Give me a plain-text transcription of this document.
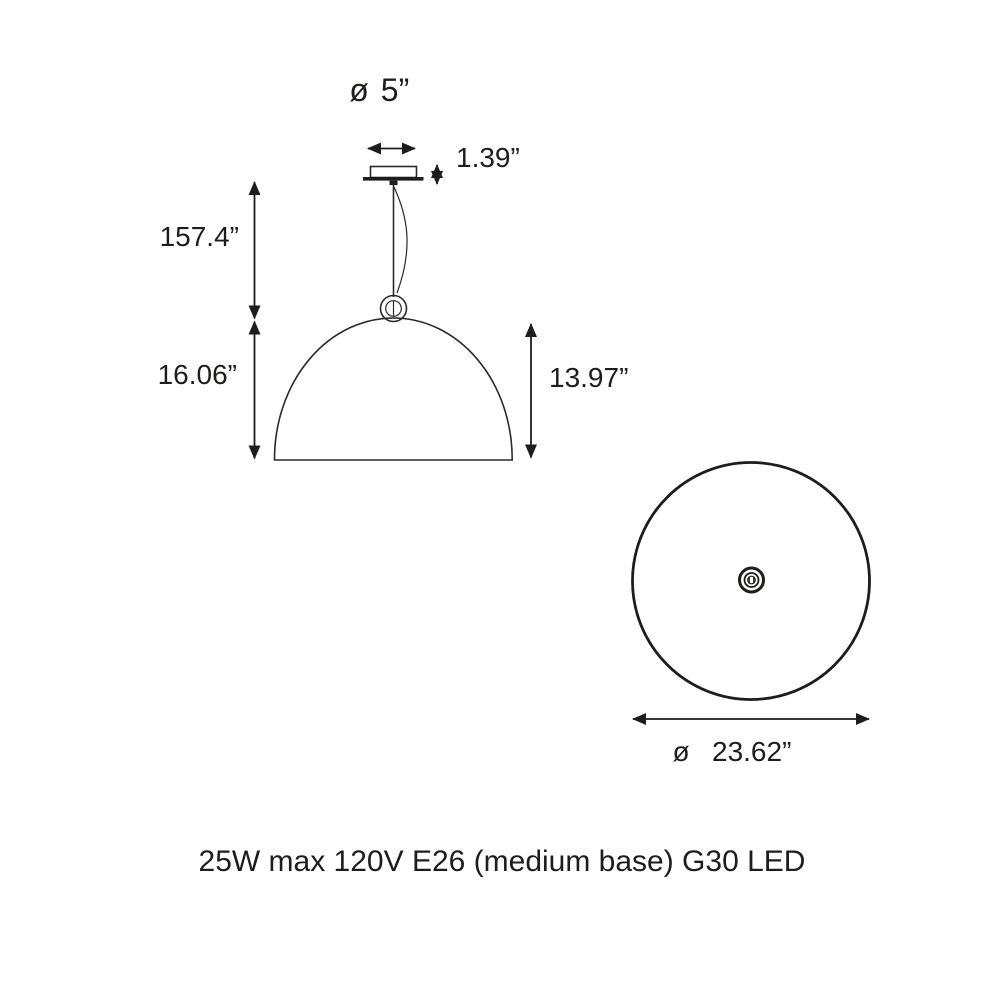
ø 5”
1.39”
157.4”
16.06”	13.97”
ø 23.62”
25W max 120V E26 (medium base) G30 LED
